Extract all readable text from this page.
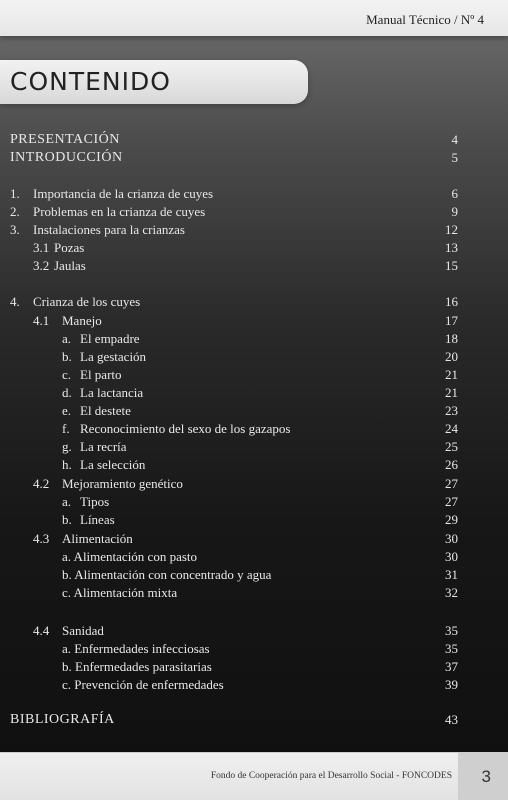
Manual Técnico / Nº 4
CONTENIDO
PRESENTACIÓN	4
INTRODUCCIÓN	5
1. Importancia de la crianza de cuyes	6
2. Problemas en la crianza de cuyes	9
3. Instalaciones para la crianzas	12
3.1 Pozas	13
3.2 Jaulas	15
4. Crianza de los cuyes	16
4.1 Manejo	17
a. El empadre	18
b. La gestación	20
c. El parto	21
d. La lactancia	21
e. El destete	23
f. Reconocimiento del sexo de los gazapos	24
g. La recría	25
h. La selección	26
4.2 Mejoramiento genético	27
a. Tipos	27
b. Líneas	29
4.3 Alimentación	30
a. Alimentación con pasto	30
b. Alimentación con concentrado y agua	31
c. Alimentación mixta	32
4.4 Sanidad	35
a. Enfermedades infecciosas	35
b. Enfermedades parasitarias	37
c. Prevención de enfermedades	39
BIBLIOGRAFÍA	43
Fondo de Cooperación para el Desarrollo Social - FONCODES 3
